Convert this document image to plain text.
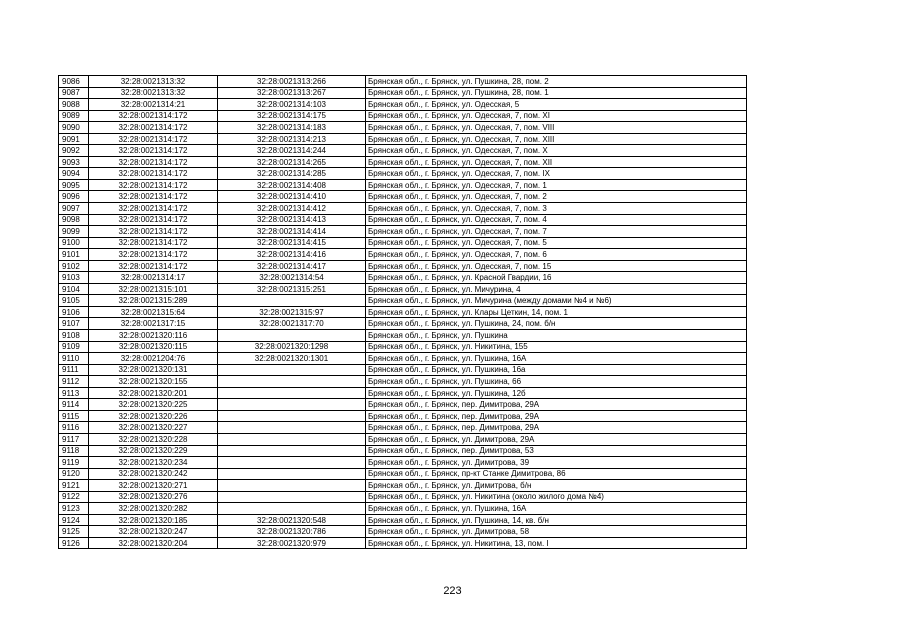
9086	32:28:0021313:32	32:28:0021313:266	Брянская обл., г. Брянск, ул. Пушкина, 28, пом. 2
9087	32:28:0021313:32	32:28:0021313:267	Брянская обл., г. Брянск, ул. Пушкина, 28, пом. 1
9088	32:28:0021314:21	32:28:0021314:103	Брянская обл., г. Брянск, ул. Одесская, 5
9089	32:28:0021314:172	32:28:0021314:175	Брянская обл., г. Брянск, ул. Одесская, 7, пом. XI
9090	32:28:0021314:172	32:28:0021314:183	Брянская обл., г. Брянск, ул. Одесская, 7, пом. VIII
9091	32:28:0021314:172	32:28:0021314:213	Брянская обл., г. Брянск, ул. Одесская, 7, пом. XIII
9092	32:28:0021314:172	32:28:0021314:244	Брянская обл., г. Брянск, ул. Одесская, 7, пом. X
9093	32:28:0021314:172	32:28:0021314:265	Брянская обл., г. Брянск, ул. Одесская, 7, пом. XII
9094	32:28:0021314:172	32:28:0021314:285	Брянская обл., г. Брянск, ул. Одесская, 7, пом. IX
9095	32:28:0021314:172	32:28:0021314:408	Брянская обл., г. Брянск, ул. Одесская, 7, пом. 1
9096	32:28:0021314:172	32:28:0021314:410	Брянская обл., г. Брянск, ул. Одесская, 7, пом. 2
9097	32:28:0021314:172	32:28:0021314:412	Брянская обл., г. Брянск, ул. Одесская, 7, пом. 3
9098	32:28:0021314:172	32:28:0021314:413	Брянская обл., г. Брянск, ул. Одесская, 7, пом. 4
9099	32:28:0021314:172	32:28:0021314:414	Брянская обл., г. Брянск, ул. Одесская, 7, пом. 7
9100	32:28:0021314:172	32:28:0021314:415	Брянская обл., г. Брянск, ул. Одесская, 7, пом. 5
9101	32:28:0021314:172	32:28:0021314:416	Брянская обл., г. Брянск, ул. Одесская, 7, пом. 6
9102	32:28:0021314:172	32:28:0021314:417	Брянская обл., г. Брянск, ул. Одесская, 7, пом. 15
9103	32:28:0021314:17	32:28:0021314:54	Брянская обл., г. Брянск, ул. Красной Гвардии, 16
9104	32:28:0021315:101	32:28:0021315:251	Брянская обл., г. Брянск, ул. Мичурина, 4
9105	32:28:0021315:289		Брянская обл., г. Брянск, ул. Мичурина (между домами №4 и №6)
9106	32:28:0021315:64	32:28:0021315:97	Брянская обл., г. Брянск, ул. Клары Цеткин, 14, пом. 1
9107	32:28:0021317:15	32:28:0021317:70	Брянская обл., г. Брянск, ул. Пушкина, 24, пом. б/н
9108	32:28:0021320:116		Брянская обл., г. Брянск, ул. Пушкина
9109	32:28:0021320:115	32:28:0021320:1298	Брянская обл., г. Брянск, ул. Никитина, 155
9110	32:28:0021204:76	32:28:0021320:1301	Брянская обл., г. Брянск, ул. Пушкина, 16А
9111	32:28:0021320:131		Брянская обл., г. Брянск, ул. Пушкина, 16а
9112	32:28:0021320:155		Брянская обл., г. Брянск, ул. Пушкина, 66
9113	32:28:0021320:201		Брянская обл., г. Брянск, ул. Пушкина, 12б
9114	32:28:0021320:225		Брянская обл., г. Брянск, пер. Димитрова, 29А
9115	32:28:0021320:226		Брянская обл., г. Брянск, пер. Димитрова, 29А
9116	32:28:0021320:227		Брянская обл., г. Брянск, пер. Димитрова, 29А
9117	32:28:0021320:228		Брянская обл., г. Брянск, ул. Димитрова, 29А
9118	32:28:0021320:229		Брянская обл., г. Брянск, пер. Димитрова, 53
9119	32:28:0021320:234		Брянская обл., г. Брянск, ул. Димитрова, 39
9120	32:28:0021320:242		Брянская обл., г. Брянск, пр-кт Станке Димитрова, 86
9121	32:28:0021320:271		Брянская обл., г. Брянск, ул. Димитрова, б/н
9122	32:28:0021320:276		Брянская обл., г. Брянск, ул. Никитина (около жилого дома №4)
9123	32:28:0021320:282		Брянская обл., г. Брянск, ул. Пушкина, 16А
9124	32:28:0021320:185	32:28:0021320:548	Брянская обл., г. Брянск, ул. Пушкина, 14, кв. б/н
9125	32:28:0021320:247	32:28:0021320:786	Брянская обл., г. Брянск, ул. Димитрова, 58
9126	32:28:0021320:204	32:28:0021320:979	Брянская обл., г. Брянск, ул. Никитина, 13, пом. I
223
